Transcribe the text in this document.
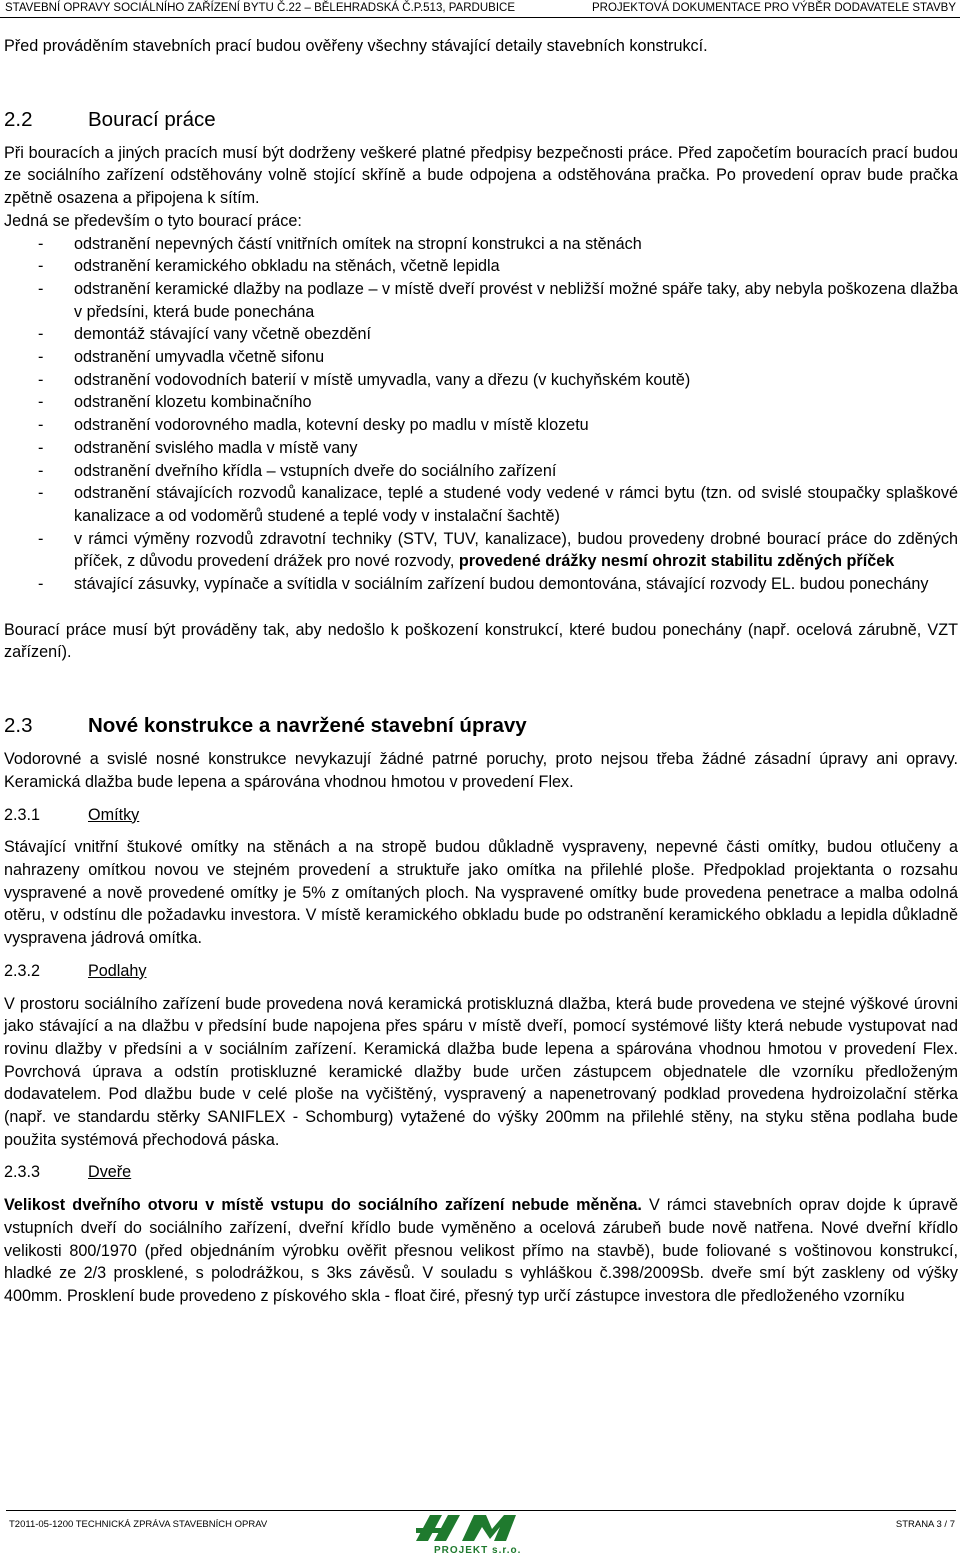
STAVEBNÍ OPRAVY SOCIÁLNÍHO ZAŘÍZENÍ BYTU Č.22 – BĚLEHRADSKÁ Č.P.513, PARDUBICE	PROJEKTOVÁ DOKUMENTACE PRO VÝBĚR DODAVATELE STAVBY

Před prováděním stavebních prací budou ověřeny všechny stávající detaily stavebních konstrukcí.

2.2	Bourací práce

Při bouracích a jiných pracích musí být dodrženy veškeré platné předpisy bezpečnosti práce. Před započetím bouracích prací budou ze sociálního zařízení odstěhovány volně stojící skříně a bude odpojena a odstěhována pračka. Po provedení oprav bude pračka zpětně osazena a připojena k sítím.

Jedná se především o tyto bourací práce:

- odstranění nepevných částí vnitřních omítek na stropní konstrukci a na stěnách
- odstranění keramického obkladu na stěnách, včetně lepidla
- odstranění keramické dlažby na podlaze – v místě dveří provést v nebližší možné spáře taky, aby nebyla poškozena dlažba v předsíni, která bude ponechána
- demontáž stávající vany včetně obezdění
- odstranění umyvadla včetně sifonu
- odstranění vodovodních baterií v místě umyvadla, vany a dřezu (v kuchyňském koutě)
- odstranění klozetu kombinačního
- odstranění vodorovného madla, kotevní desky po madlu v místě klozetu
- odstranění svislého madla v místě vany
- odstranění dveřního křídla – vstupních dveře do sociálního zařízení
- odstranění stávajících rozvodů kanalizace, teplé a studené vody vedené v rámci bytu (tzn. od svislé stoupačky splaškové kanalizace a od vodoměrů studené a teplé vody v instalační šachtě)
- v rámci výměny rozvodů zdravotní techniky (STV, TUV, kanalizace), budou provedeny drobné bourací práce do zděných příček, z důvodu provedení drážek pro nové rozvody, provedené drážky nesmí ohrozit stabilitu zděných příček
- stávající zásuvky, vypínače a svítidla v sociálním zařízení budou demontována, stávající rozvody EL. budou ponechány

Bourací práce musí být prováděny tak, aby nedošlo k poškození konstrukcí, které budou ponechány (např. ocelová zárubně, VZT zařízení).

2.3	Nové konstrukce a navržené stavební úpravy

Vodorovné a svislé nosné konstrukce nevykazují žádné patrné poruchy, proto nejsou třeba žádné zásadní úpravy ani opravy. Keramická dlažba bude lepena a spárována vhodnou hmotou v provedení Flex.

2.3.1	Omítky

Stávající vnitřní štukové omítky na stěnách a na stropě budou důkladně vyspraveny, nepevné části omítky, budou otlučeny a nahrazeny omítkou novou ve stejném provedení a struktuře jako omítka na přilehlé ploše. Předpoklad projektanta o rozsahu vyspravené a nově provedené omítky je 5% z omítaných ploch. Na vyspravené omítky bude provedena penetrace a malba odolná otěru, v odstínu dle požadavku investora. V místě keramického obkladu bude po odstranění keramického obkladu a lepidla důkladně vyspravena jádrová omítka.

2.3.2	Podlahy

V prostoru sociálního zařízení bude provedena nová keramická protiskluzná dlažba, která bude provedena ve stejné výškové úrovni jako stávající a na dlažbu v předsíní bude napojena přes spáru v místě dveří, pomocí systémové lišty která nebude vystupovat nad rovinu dlažby v předsíni a v sociálním zařízení. Keramická dlažba bude lepena a spárována vhodnou hmotou v provedení Flex. Povrchová úprava a odstín protiskluzné keramické dlažby bude určen zástupcem objednatele dle vzorníku předloženým dodavatelem. Pod dlažbu bude v celé ploše na vyčištěný, vyspravený a napenetrovaný podklad provedena hydroizolační stěrka (např. ve standardu stěrky SANIFLEX - Schomburg) vytažené do výšky 200mm na přilehlé stěny, na styku stěna podlaha bude použita systémová přechodová páska.

2.3.3	Dveře

Velikost dveřního otvoru v místě vstupu do sociálního zařízení nebude měněna. V rámci stavebních oprav dojde k úpravě vstupních dveří do sociálního zařízení, dveřní křídlo bude vyměněno a ocelová zárubeň bude nově natřena. Nové dveřní křídlo velikosti 800/1970 (před objednáním výrobku ověřit přesnou velikost přímo na stavbě), bude foliované s voštinovou konstrukcí, hladké ze 2/3 prosklené, s polodrážkou, s 3ks závěsů. V souladu s vyhláškou č.398/2009Sb. dveře smí být zaskleny od výšky 400mm. Prosklení bude provedeno z pískového skla - float čiré, přesný typ určí zástupce investora dle předloženého vzorníku

T2011-05-1200 TECHNICKÁ ZPRÁVA STAVEBNÍCH OPRAV
PROJEKT s.r.o.
STRANA 3 / 7
